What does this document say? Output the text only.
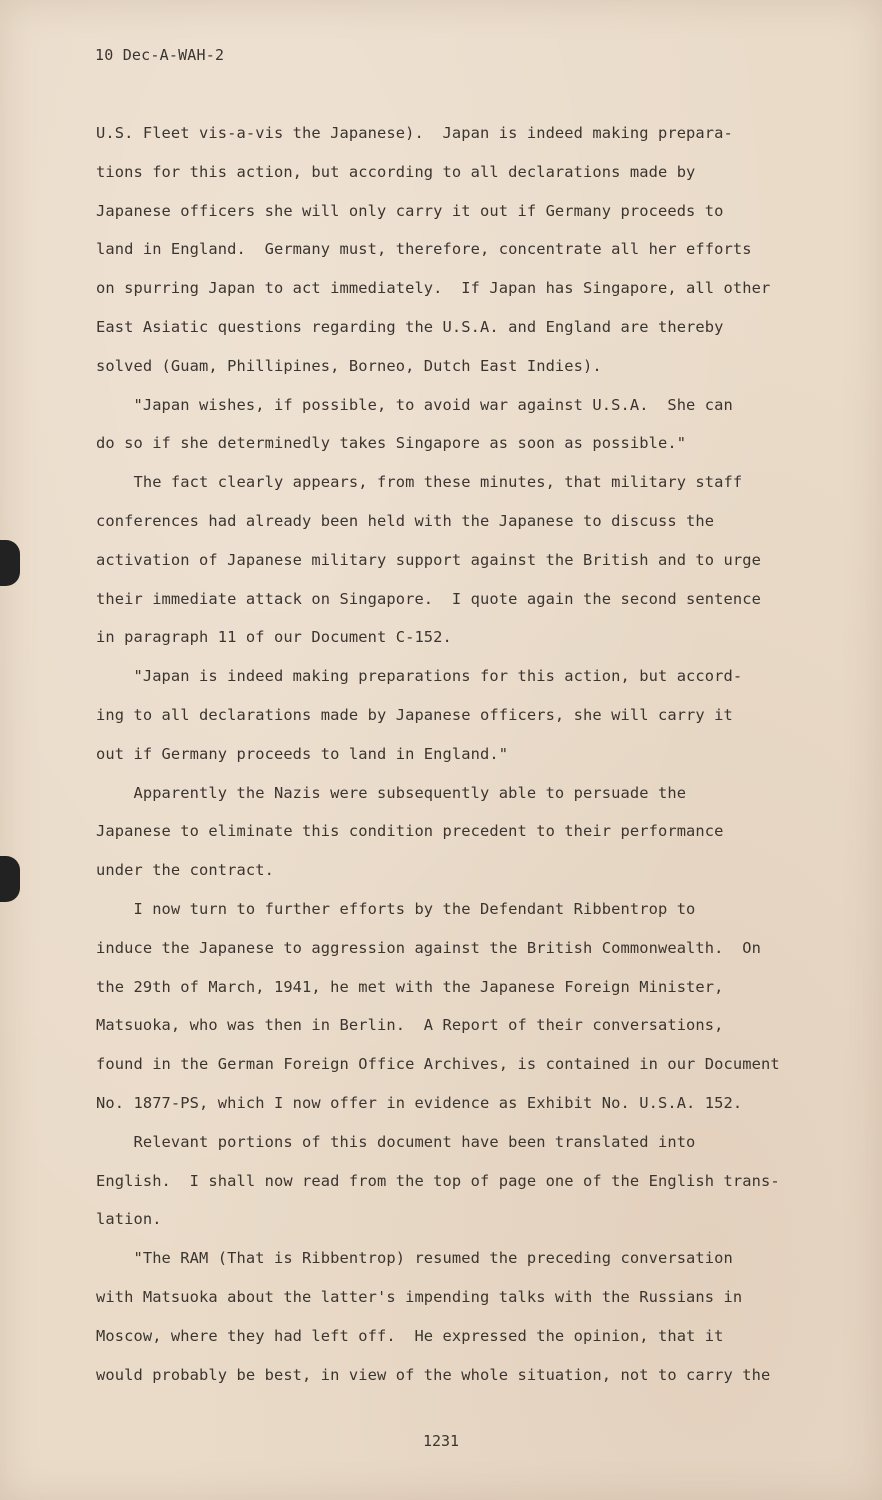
10 Dec-A-WAH-2
U.S. Fleet vis-a-vis the Japanese).  Japan is indeed making prepara-
tions for this action, but according to all declarations made by
Japanese officers she will only carry it out if Germany proceeds to
land in England.  Germany must, therefore, concentrate all her efforts
on spurring Japan to act immediately.  If Japan has Singapore, all other
East Asiatic questions regarding the U.S.A. and England are thereby
solved (Guam, Phillipines, Borneo, Dutch East Indies).
"Japan wishes, if possible, to avoid war against U.S.A.  She can
do so if she determinedly takes Singapore as soon as possible."
The fact clearly appears, from these minutes, that military staff
conferences had already been held with the Japanese to discuss the
activation of Japanese military support against the British and to urge
their immediate attack on Singapore.  I quote again the second sentence
in paragraph 11 of our Document C-152.
"Japan is indeed making preparations for this action, but accord-
ing to all declarations made by Japanese officers, she will carry it
out if Germany proceeds to land in England."
Apparently the Nazis were subsequently able to persuade the
Japanese to eliminate this condition precedent to their performance
under the contract.
I now turn to further efforts by the Defendant Ribbentrop to
induce the Japanese to aggression against the British Commonwealth.  On
the 29th of March, 1941, he met with the Japanese Foreign Minister,
Matsuoka, who was then in Berlin.  A Report of their conversations,
found in the German Foreign Office Archives, is contained in our Document
No. 1877-PS, which I now offer in evidence as Exhibit No. U.S.A. 152.
Relevant portions of this document have been translated into
English.  I shall now read from the top of page one of the English trans-
lation.
"The RAM (That is Ribbentrop) resumed the preceding conversation
with Matsuoka about the latter's impending talks with the Russians in
Moscow, where they had left off.  He expressed the opinion, that it
would probably be best, in view of the whole situation, not to carry the
1231
